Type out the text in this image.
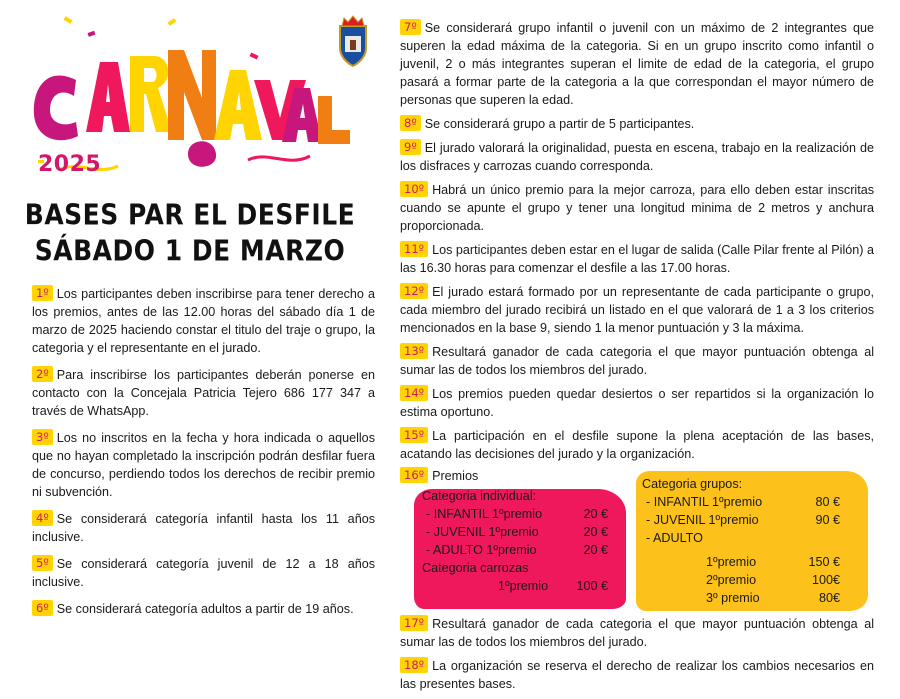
2025
BASES PAR EL DESFILE
SÁBADO 1 DE MARZO
1º Los participantes deben inscribirse para tener derecho a los premios, antes de las 12.00 horas del sábado día 1 de marzo de 2025 haciendo constar el titulo del traje o grupo, la categoria y el representante en el jurado.
2º Para inscribirse los participantes deberán ponerse en contacto con la Concejala Patricia Tejero 686 177 347 a través de WhatsApp.
3º Los no inscritos en la fecha y hora indicada o aquellos que no hayan completado la inscripción podrán desfilar fuera de concurso, perdiendo todos los derechos de recibir premio ni subvención.
4º Se considerará categoría infantil hasta los 11 años inclusive.
5º Se considerará categoría juvenil de 12 a 18 años inclusive.
6º Se considerará categoría adultos a partir de 19 años.
7º Se considerará grupo infantil o juvenil con un máximo de 2 integrantes que superen la edad máxima de la categoria. Si en un grupo inscrito como infantil o juvenil, 2 o más integrantes superan el limite de edad de la categoria, el grupo pasará a formar parte de la categoria a la que correspondan el mayor número de personas que superen la edad.
8º Se considerará grupo a partir de 5 participantes.
9º El jurado valorará la originalidad, puesta en escena, trabajo en la realización de los disfraces y carrozas cuando corresponda.
10º Habrá un único premio para la mejor carroza, para ello deben estar inscritas cuando se apunte el grupo y tener una longitud minima de 2 metros y anchura proporcionada.
11º Los participantes deben estar en el lugar de salida (Calle Pilar frente al Pilón) a las 16.30 horas para comenzar el desfile a las 17.00 horas.
12º El jurado estará formado por un representante de cada participante o grupo, cada miembro del jurado recibirá un listado en el que valorará de 1 a 3 los criterios mencionados en la base 9, siendo 1 la menor puntuación y 3 la máxima.
13º Resultará ganador de cada categoria el que mayor puntuación obtenga al sumar las de todos los miembros del jurado.
14º Los premios pueden quedar desiertos o ser repartidos si la organización lo estima oportuno.
15º La participación en el desfile supone la plena aceptación de las bases, acatando las decisiones del jurado y la organización.
16º Premios
Categoria individual:
- INFANTIL 1ºpremio	20 €
- JUVENIL 1ºpremio	20 €
- ADULTO 1ºpremio	20 €
Categoria carrozas
1ºpremio	100 €
Categoria grupos:
- INFANTIL 1ºpremio	80 €
- JUVENIL 1ºpremio	90 €
- ADULTO
1ºpremio	150 €
2ºpremio	100€
3º premio	80€
17º Resultará ganador de cada categoria el que mayor puntuación obtenga al sumar las de todos los miembros del jurado.
18º La organización se reserva el derecho de realizar los cambios necesarios en las presentes bases.
